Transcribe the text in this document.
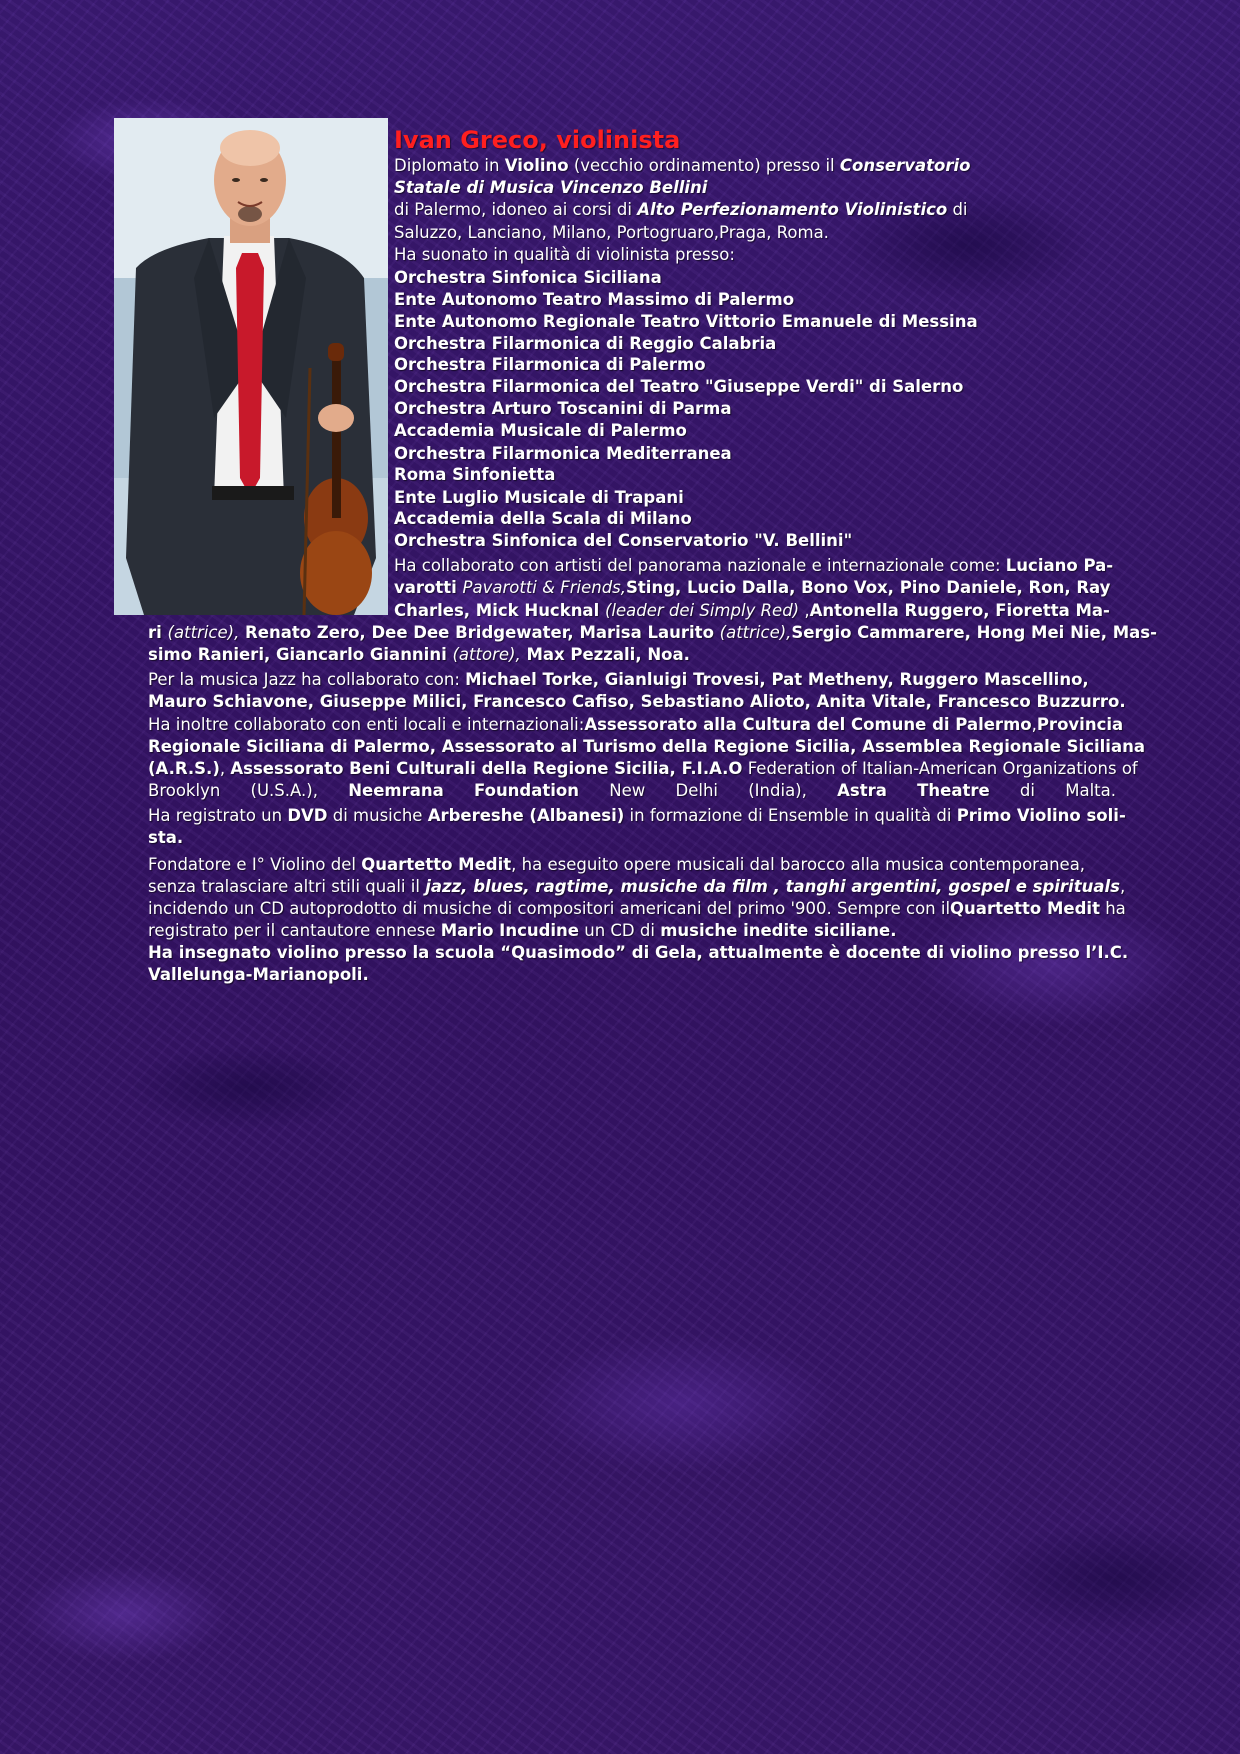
Ivan Greco, violinista
Diplomato in Violino (vecchio ordinamento) presso il Conservatorio
Statale di Musica Vincenzo Bellini
di Palermo, idoneo ai corsi di Alto Perfezionamento Violinistico di
Saluzzo, Lanciano, Milano, Portogruaro,Praga, Roma.
Ha suonato in qualità di violinista presso:
Orchestra Sinfonica Siciliana
Ente Autonomo Teatro Massimo di Palermo
Ente Autonomo Regionale Teatro Vittorio Emanuele di Messina
Orchestra Filarmonica di Reggio Calabria
Orchestra Filarmonica di Palermo
Orchestra Filarmonica del Teatro "Giuseppe Verdi" di Salerno
Orchestra Arturo Toscanini di Parma
Accademia Musicale di Palermo
Orchestra Filarmonica Mediterranea
Roma Sinfonietta
Ente Luglio Musicale di Trapani
Accademia della Scala di Milano
Orchestra Sinfonica del Conservatorio "V. Bellini"
Ha collaborato con artisti del panorama nazionale e internazionale come: Luciano Pa-
varotti Pavarotti & Friends,Sting, Lucio Dalla, Bono Vox, Pino Daniele, Ron, Ray
Charles, Mick Hucknal (leader dei Simply Red) ,Antonella Ruggero, Fioretta Ma-
ri (attrice), Renato Zero, Dee Dee Bridgewater, Marisa Laurito (attrice),Sergio Cammarere, Hong Mei Nie, Mas-
simo Ranieri, Giancarlo Giannini (attore), Max Pezzali, Noa.
Per la musica Jazz ha collaborato con: Michael Torke, Gianluigi Trovesi, Pat Metheny, Ruggero Mascellino,
Mauro Schiavone, Giuseppe Milici, Francesco Cafiso, Sebastiano Alioto, Anita Vitale, Francesco Buzzurro.
Ha inoltre collaborato con enti locali e internazionali:Assessorato alla Cultura del Comune di Palermo,Provincia
Regionale Siciliana di Palermo, Assessorato al Turismo della Regione Sicilia, Assemblea Regionale Siciliana
(A.R.S.), Assessorato Beni Culturali della Regione Sicilia, F.I.A.O Federation of Italian-American Organizations of
Brooklyn (U.S.A.), Neemrana Foundation New Delhi (India), Astra Theatre di Malta.
Ha registrato un DVD di musiche Arbereshe (Albanesi) in formazione di Ensemble in qualità di Primo Violino soli-
sta.
Fondatore e I° Violino del Quartetto Medit, ha eseguito opere musicali dal barocco alla musica contemporanea,
senza tralasciare altri stili quali il jazz, blues, ragtime, musiche da film , tanghi argentini, gospel e spirituals,
incidendo un CD autoprodotto di musiche di compositori americani del primo '900. Sempre con ilQuartetto Medit ha
registrato per il cantautore ennese Mario Incudine un CD di musiche inedite siciliane.
Ha insegnato violino presso la scuola “Quasimodo” di Gela, attualmente è docente di violino presso l’I.C.
Vallelunga-Marianopoli.
